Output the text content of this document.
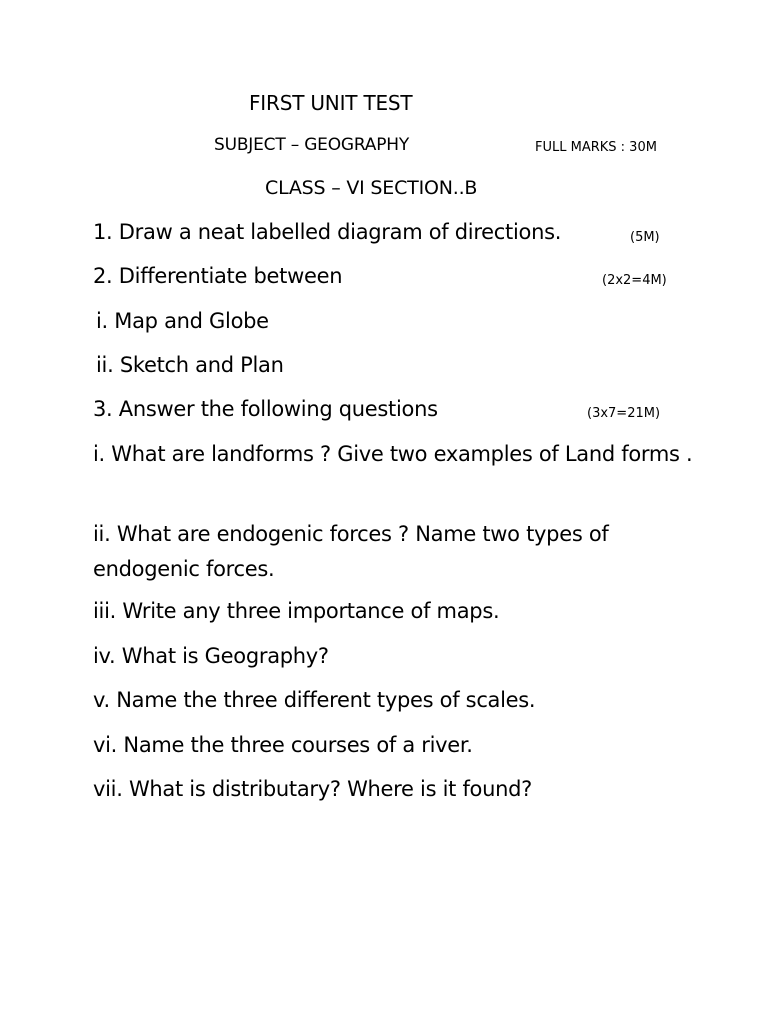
FIRST UNIT TEST
SUBJECT – GEOGRAPHY	FULL MARKS : 30M
CLASS – VI SECTION..B
1. Draw a neat labelled diagram of directions.	(5M)
2. Differentiate between	(2x2=4M)
i. Map and Globe
ii. Sketch and Plan
3. Answer the following questions	(3x7=21M)
i. What are landforms ? Give two examples of Land forms .
ii. What are endogenic forces ? Name two types of endogenic forces.
iii. Write any three importance of maps.
iv. What is Geography?
v. Name the three different types of scales.
vi. Name the three courses of a river.
vii. What is distributary? Where is it found?
